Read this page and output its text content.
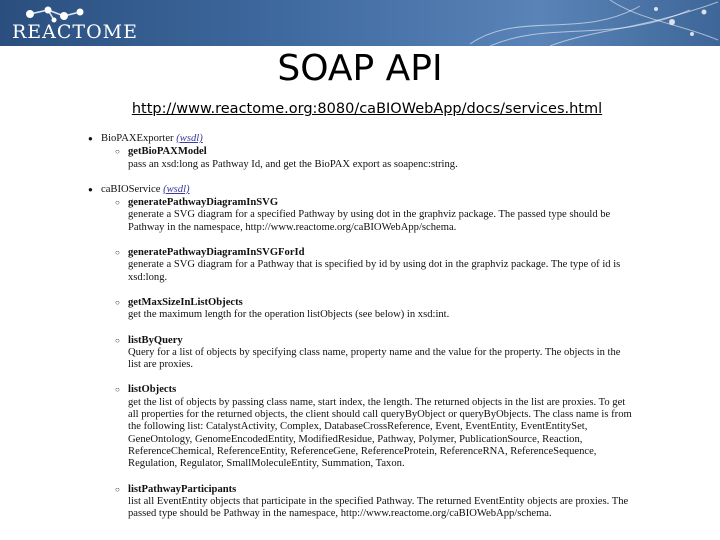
REACTOME
SOAP API
http://www.reactome.org:8080/caBIOWebApp/docs/services.html
● BioPAXExporter (wsdl)
○ getBioPAXModel
pass an xsd:long as Pathway Id, and get the BioPAX export as soapenc:string.
● caBIOService (wsdl)
○ generatePathwayDiagramInSVG
generate a SVG diagram for a specified Pathway by using dot in the graphviz package. The passed type should be Pathway in the namespace, http://www.reactome.org/caBIOWebApp/schema.
○ generatePathwayDiagramInSVGForId
generate a SVG diagram for a Pathway that is specified by id by using dot in the graphviz package. The type of id is xsd:long.
○ getMaxSizeInListObjects
get the maximum length for the operation listObjects (see below) in xsd:int.
○ listByQuery
Query for a list of objects by specifying class name, property name and the value for the property. The objects in the list are proxies.
○ listObjects
get the list of objects by passing class name, start index, the length. The returned objects in the list are proxies. To get all properties for the returned objects, the client should call queryByObject or queryByObjects. The class name is from the following list: CatalystActivity, Complex, DatabaseCrossReference, Event, EventEntity, EventEntitySet, GeneOntology, GenomeEncodedEntity, ModifiedResidue, Pathway, Polymer, PublicationSource, Reaction, ReferenceChemical, ReferenceEntity, ReferenceGene, ReferenceProtein, ReferenceRNA, ReferenceSequence, Regulation, Regulator, SmallMoleculeEntity, Summation, Taxon.
○ listPathwayParticipants
list all EventEntity objects that participate in the specified Pathway. The returned EventEntity objects are proxies. The passed type should be Pathway in the namespace, http://www.reactome.org/caBIOWebApp/schema.
